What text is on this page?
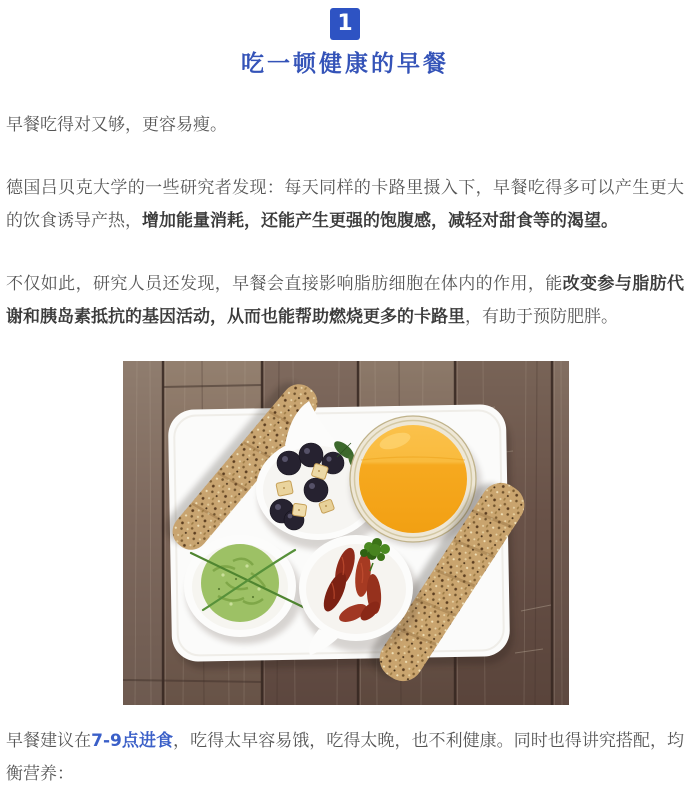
1
吃一顿健康的早餐

早餐吃得对又够，更容易瘦。

德国吕贝克大学的一些研究者发现：每天同样的卡路里摄入下，早餐吃得多可以产生更大的饮食诱导产热，增加能量消耗，还能产生更强的饱腹感，减轻对甜食等的渴望。

不仅如此，研究人员还发现，早餐会直接影响脂肪细胞在体内的作用，能改变参与脂肪代谢和胰岛素抵抗的基因活动，从而也能帮助燃烧更多的卡路里，有助于预防肥胖。

早餐建议在7-9点进食，吃得太早容易饿，吃得太晚，也不利健康。同时也得讲究搭配，均衡营养：
